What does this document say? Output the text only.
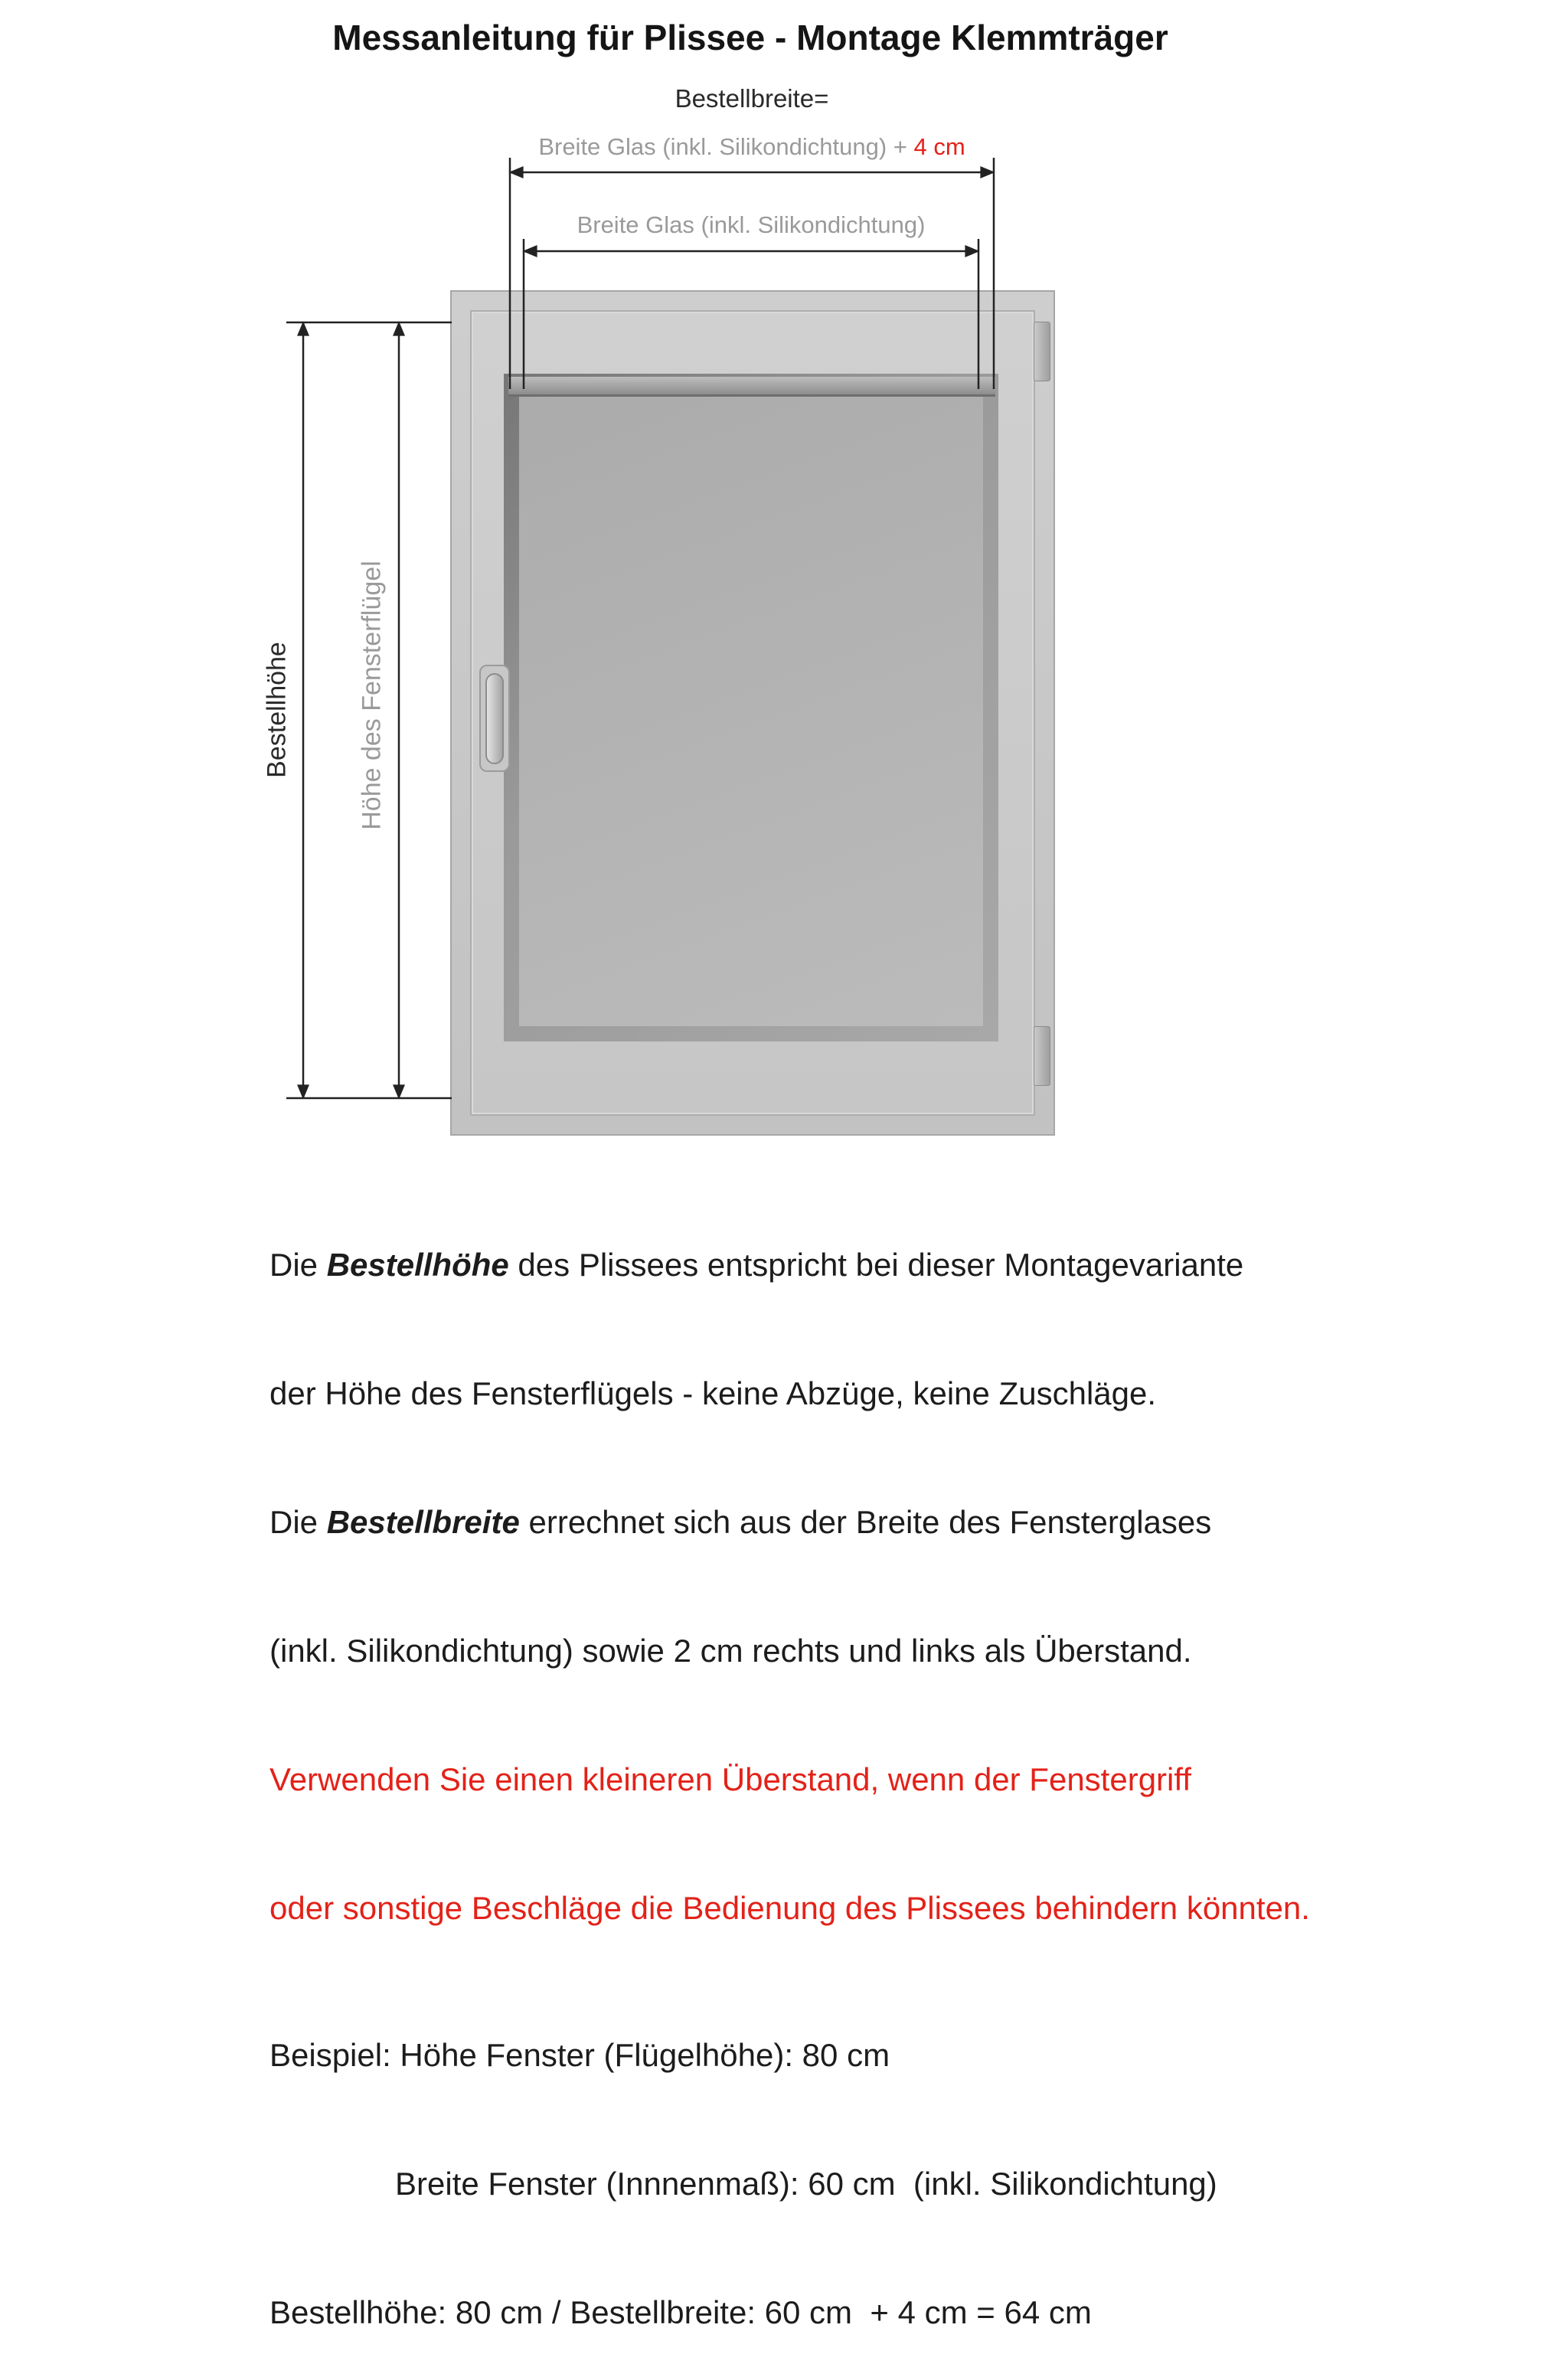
Messanleitung für Plissee - Montage Klemmträger
Bestellbreite=
Breite Glas (inkl. Silikondichtung) + 4 cm
Breite Glas (inkl. Silikondichtung)
Bestellhöhe	Höhe des Fensterflügel

Die Bestellhöhe des Plissees entspricht bei dieser Montagevariante

der Höhe des Fensterflügels - keine Abzüge, keine Zuschläge.

Die Bestellbreite errechnet sich aus der Breite des Fensterglases

(inkl. Silikondichtung) sowie 2 cm rechts und links als Überstand.

Verwenden Sie einen kleineren Überstand, wenn der Fenstergriff

oder sonstige Beschläge die Bedienung des Plissees behindern könnten.

Beispiel: Höhe Fenster (Flügelhöhe): 80 cm

Breite Fenster (Innnenmaß): 60 cm  (inkl. Silikondichtung)

Bestellhöhe: 80 cm / Bestellbreite: 60 cm  + 4 cm = 64 cm
